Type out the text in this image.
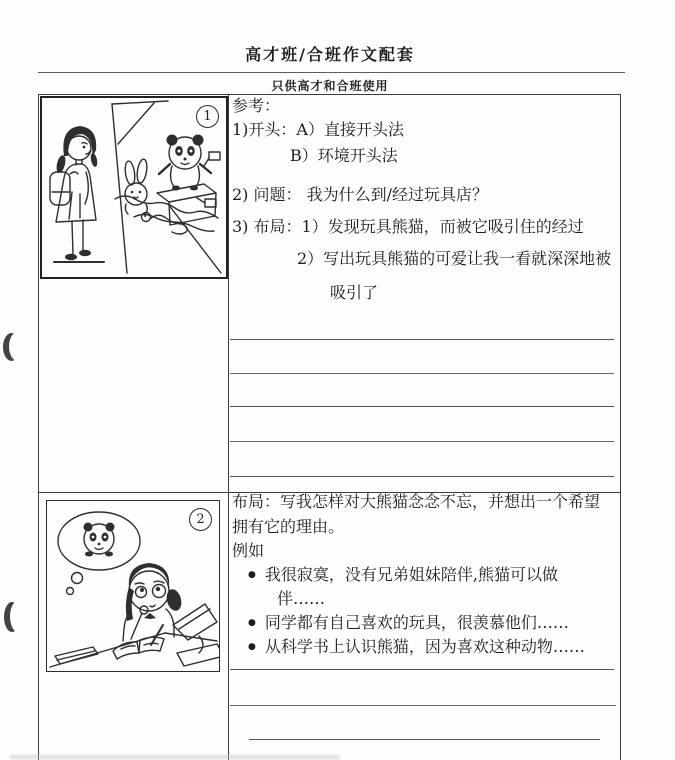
高才班/合班作文配套
只供高才和合班使用
1
参考：
1)开头：A）直接开头法
B）环境开头法
2) 问题： 我为什么到/经过玩具店？
3) 布局：1）发现玩具熊猫，而被它吸引住的经过
2）写出玩具熊猫的可爱让我一看就深深地被
吸引了
2
布局：写我怎样对大熊猫念念不忘，并想出一个希望
拥有它的理由。
例如
● 我很寂寞，没有兄弟姐妹陪伴,熊猫可以做
伴……
● 同学都有自己喜欢的玩具，很羡慕他们……
● 从科学书上认识熊猫，因为喜欢这种动物……
